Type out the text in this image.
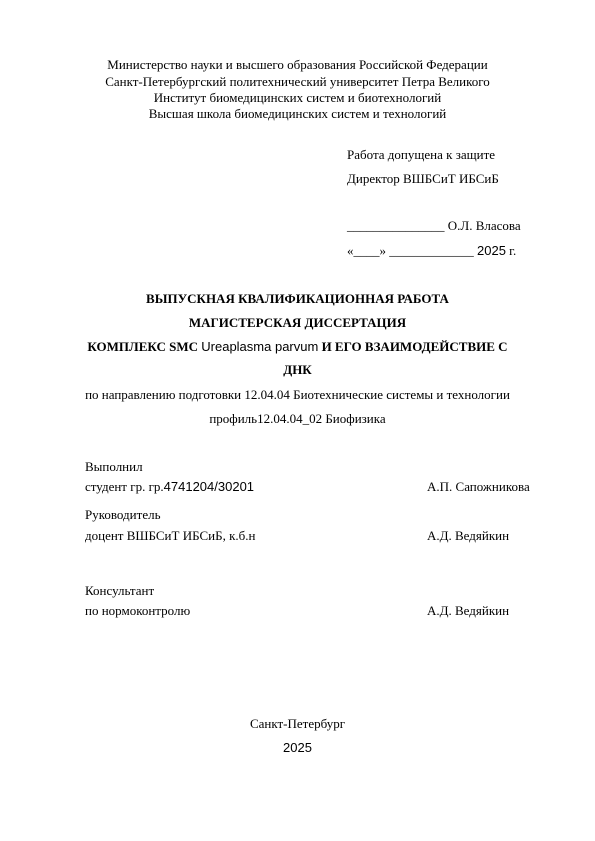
Министерство науки и высшего образования Российской Федерации
Санкт-Петербургский политехнический университет Петра Великого
Институт биомедицинских систем и биотехнологий
Высшая школа биомедицинских систем и технологий
Работа допущена к защите
Директор ВШБСиТ ИБСиБ
_______________ О.Л. Власова
«____» _____________ 2025 г.
ВЫПУСКНАЯ КВАЛИФИКАЦИОННАЯ РАБОТА
МАГИСТЕРСКАЯ ДИССЕРТАЦИЯ
КОМПЛЕКС SMC Ureaplasma parvum И ЕГО ВЗАИМОДЕЙСТВИЕ С
ДНК
по направлению подготовки 12.04.04 Биотехнические системы и технологии
профиль12.04.04_02 Биофизика
Выполнил
студент гр. гр.4741204/30201	А.П. Сапожникова
Руководитель
доцент ВШБСиТ ИБСиБ, к.б.н	А.Д. Ведяйкин
Консультант
по нормоконтролю	А.Д. Ведяйкин
Санкт-Петербург
2025
